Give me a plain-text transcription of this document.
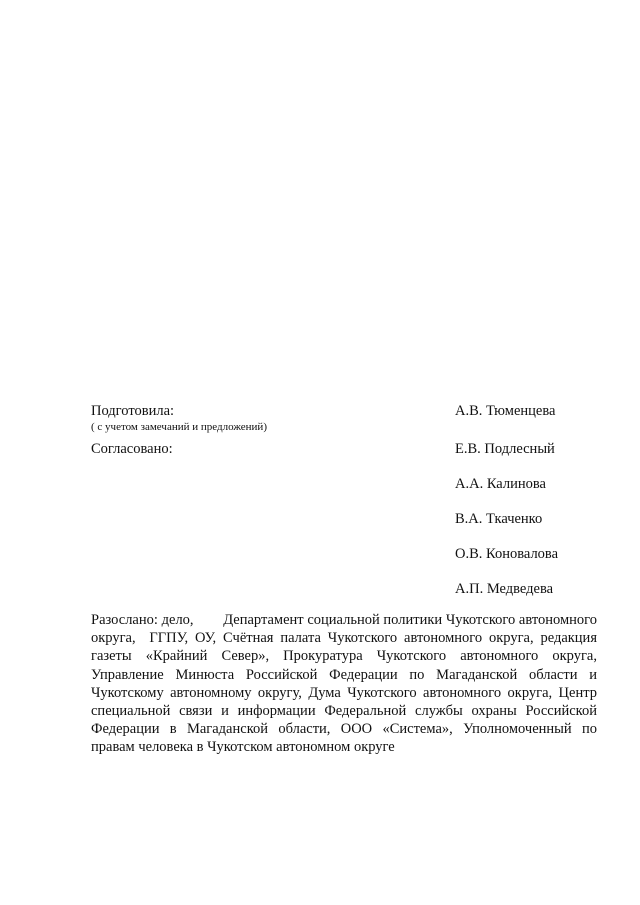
Подготовила:
( с учетом замечаний и предложений)
А.В. Тюменцева
Согласовано:	Е.В. Подлесный
А.А. Калинова
В.А. Ткаченко
О.В. Коновалова
А.П. Медведева
Разослано: дело,        Департамент социальной политики Чукотского автономного округа,  ГГПУ, ОУ, Счётная палата Чукотского автономного округа, редакция газеты «Крайний Север», Прокуратура Чукотского автономного округа, Управление Минюста Российской Федерации по Магаданской области и Чукотскому автономному округу, Дума Чукотского автономного округа, Центр специальной связи и информации Федеральной службы охраны Российской Федерации в Магаданской области, ООО «Система», Уполномоченный по правам человека в Чукотском автономном округе
